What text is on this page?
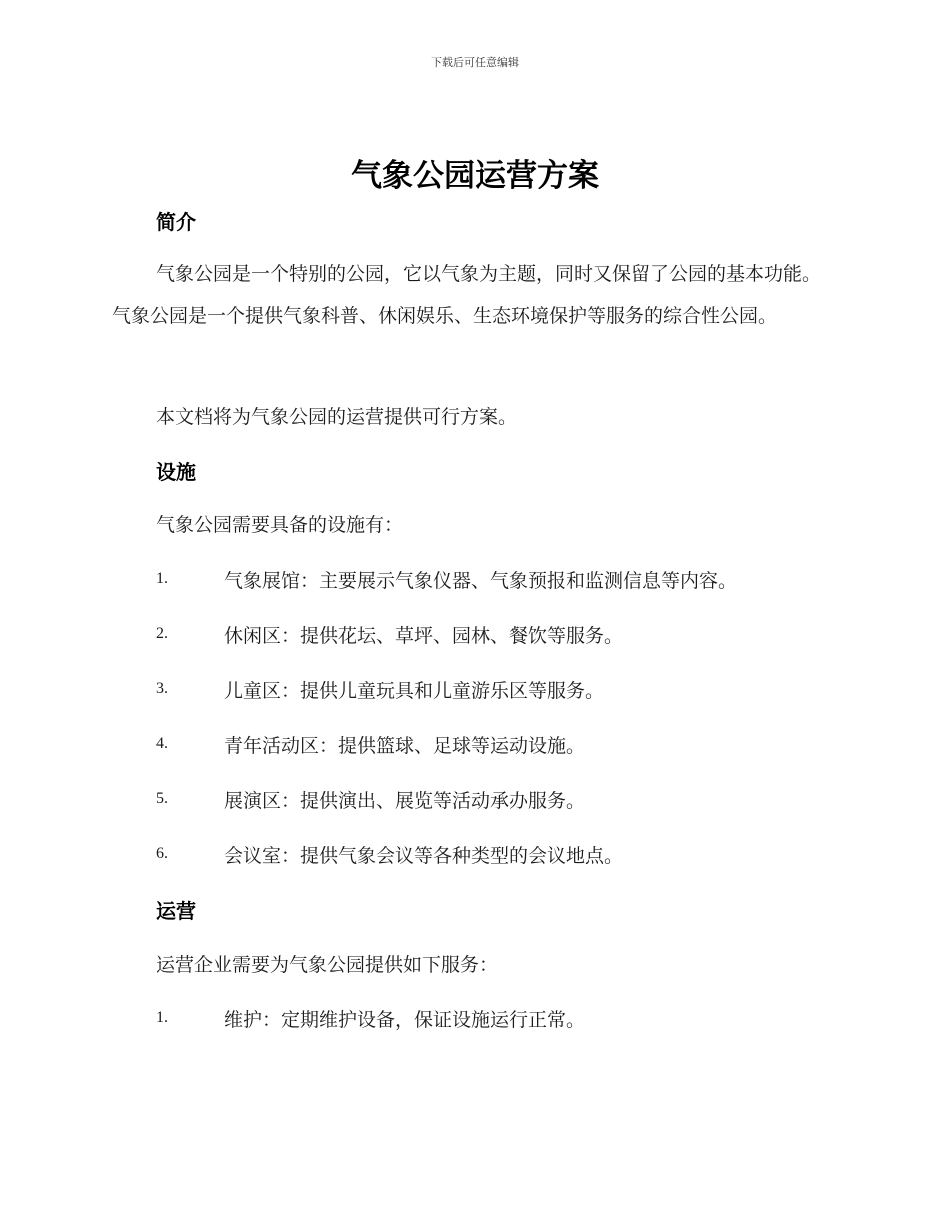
下载后可任意编辑
气象公园运营方案
简介
气象公园是一个特别的公园，它以气象为主题，同时又保留了公园的基本功能。气象公园是一个提供气象科普、休闲娱乐、生态环境保护等服务的综合性公园。
本文档将为气象公园的运营提供可行方案。
设施
气象公园需要具备的设施有：
1.	气象展馆：主要展示气象仪器、气象预报和监测信息等内容。
2.	休闲区：提供花坛、草坪、园林、餐饮等服务。
3.	儿童区：提供儿童玩具和儿童游乐区等服务。
4.	青年活动区：提供篮球、足球等运动设施。
5.	展演区：提供演出、展览等活动承办服务。
6.	会议室：提供气象会议等各种类型的会议地点。
运营
运营企业需要为气象公园提供如下服务：
1.	维护：定期维护设备，保证设施运行正常。
